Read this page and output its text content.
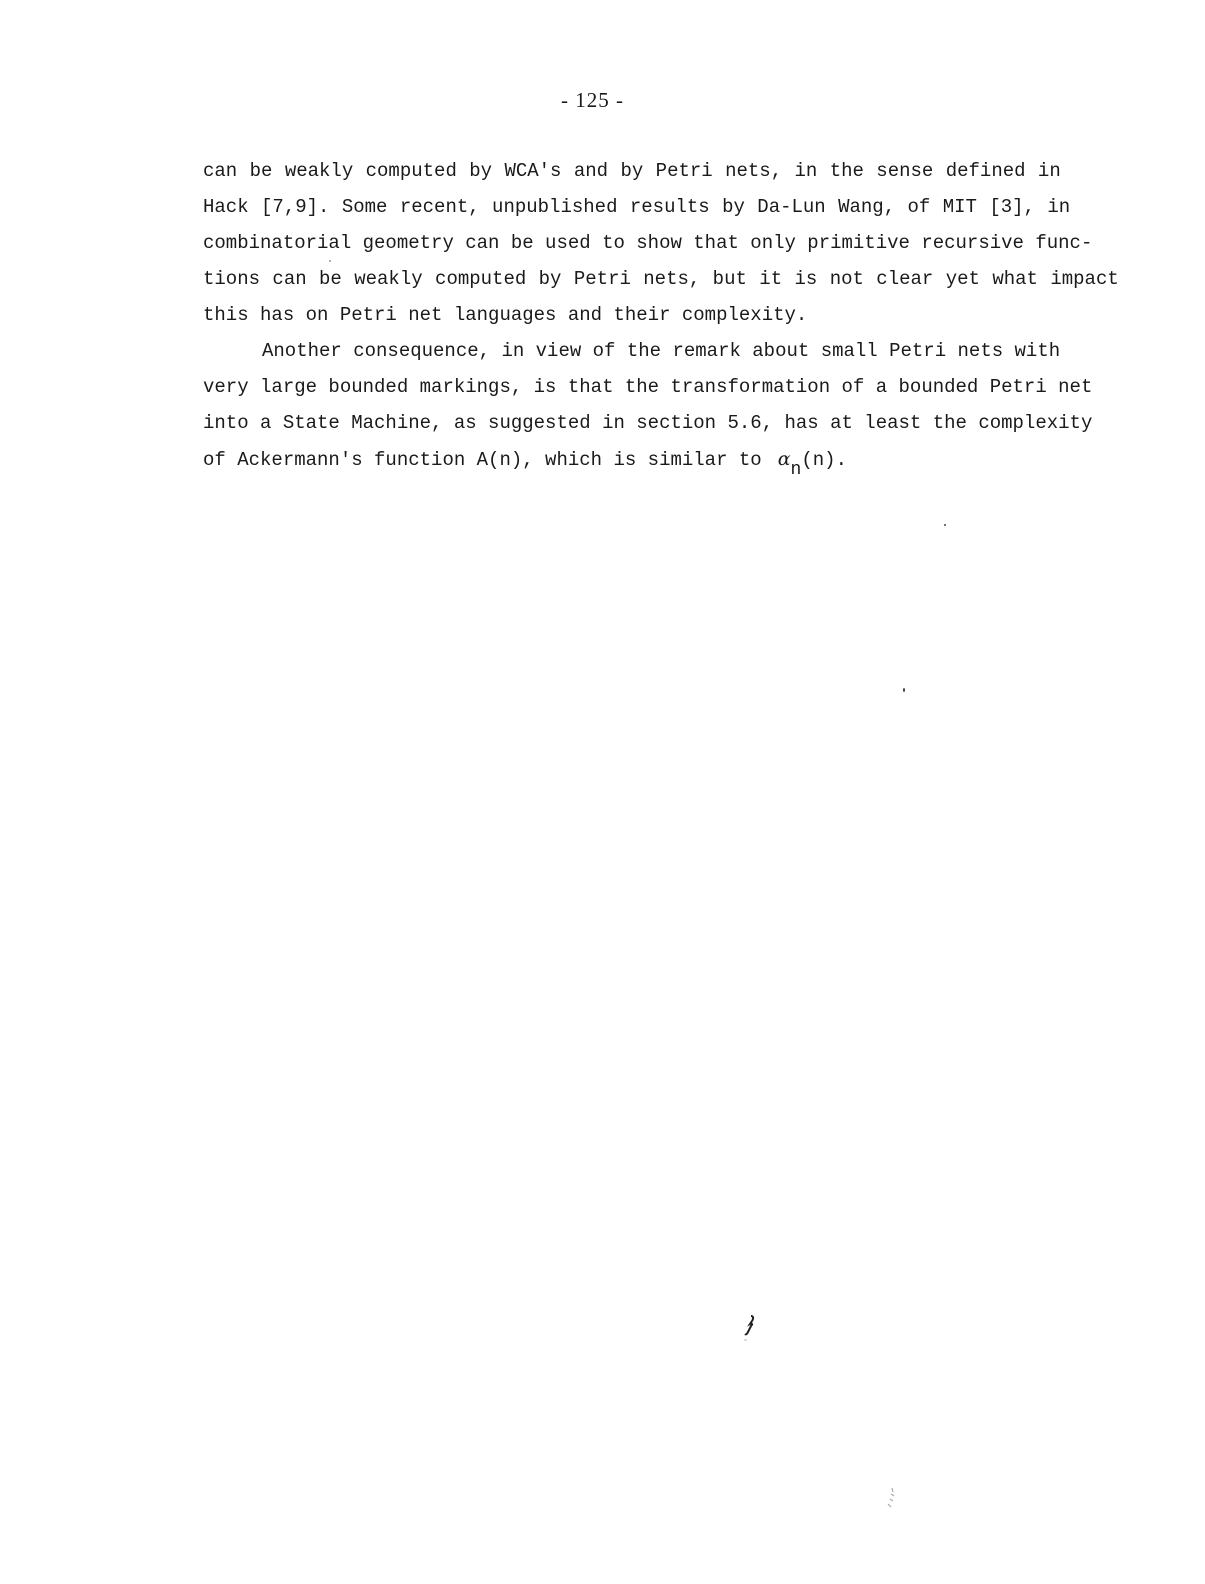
- 125 -
can be weakly computed by WCA's and by Petri nets, in the sense defined in
Hack [7,9]. Some recent, unpublished results by Da-Lun Wang, of MIT [3], in
combinatorial geometry can be used to show that only primitive recursive func-
tions can be weakly computed by Petri nets, but it is not clear yet what impact
this has on Petri net languages and their complexity.
Another consequence, in view of the remark about small Petri nets with
very large bounded markings, is that the transformation of a bounded Petri net
into a State Machine, as suggested in section 5.6, has at least the complexity
of Ackermann's function A(n), which is similar to αn(n).
